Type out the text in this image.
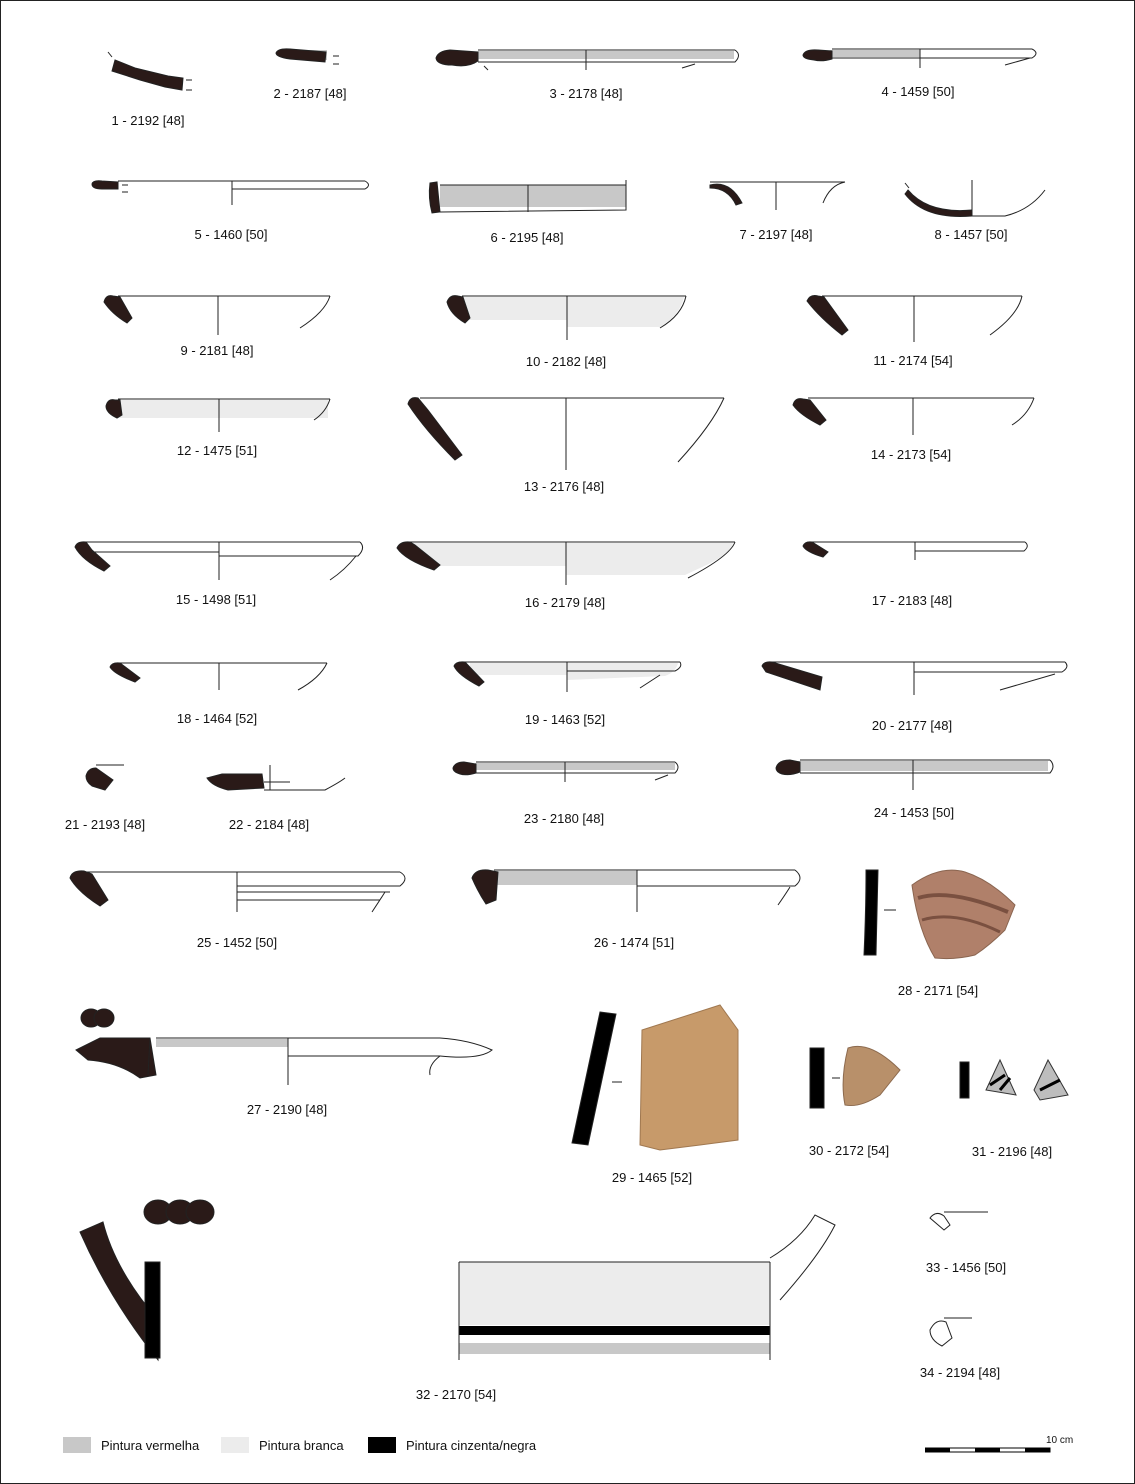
1 - 2192 [48]
2 - 2187 [48]	3 - 2178 [48]	4 - 1459 [50]
5 - 1460 [50]	6 - 2195 [48]	7 - 2197 [48]	8 - 1457 [50]
9 - 2181 [48]
10 - 2182 [48]	11 - 2174 [54]
12 - 1475 [51]
13 - 2176 [48]
14 - 2173 [54]
15 - 1498 [51]	16 - 2179 [48]	17 - 2183 [48]
18 - 1464 [52]	19 - 1463 [52]	20 - 2177 [48]
21 - 2193 [48]	22 - 2184 [48]	23 - 2180 [48]	24 - 1453 [50]
25 - 1452 [50]	26 - 1474 [51]
27 - 2190 [48]
28 - 2171 [54]
29 - 1465 [52]
30 - 2172 [54]	31 - 2196 [48]
32 - 2170 [54]
33 - 1456 [50]
34 - 2194 [48]
Pintura vermelha	Pintura branca	Pintura cinzenta/negra	10 cm
